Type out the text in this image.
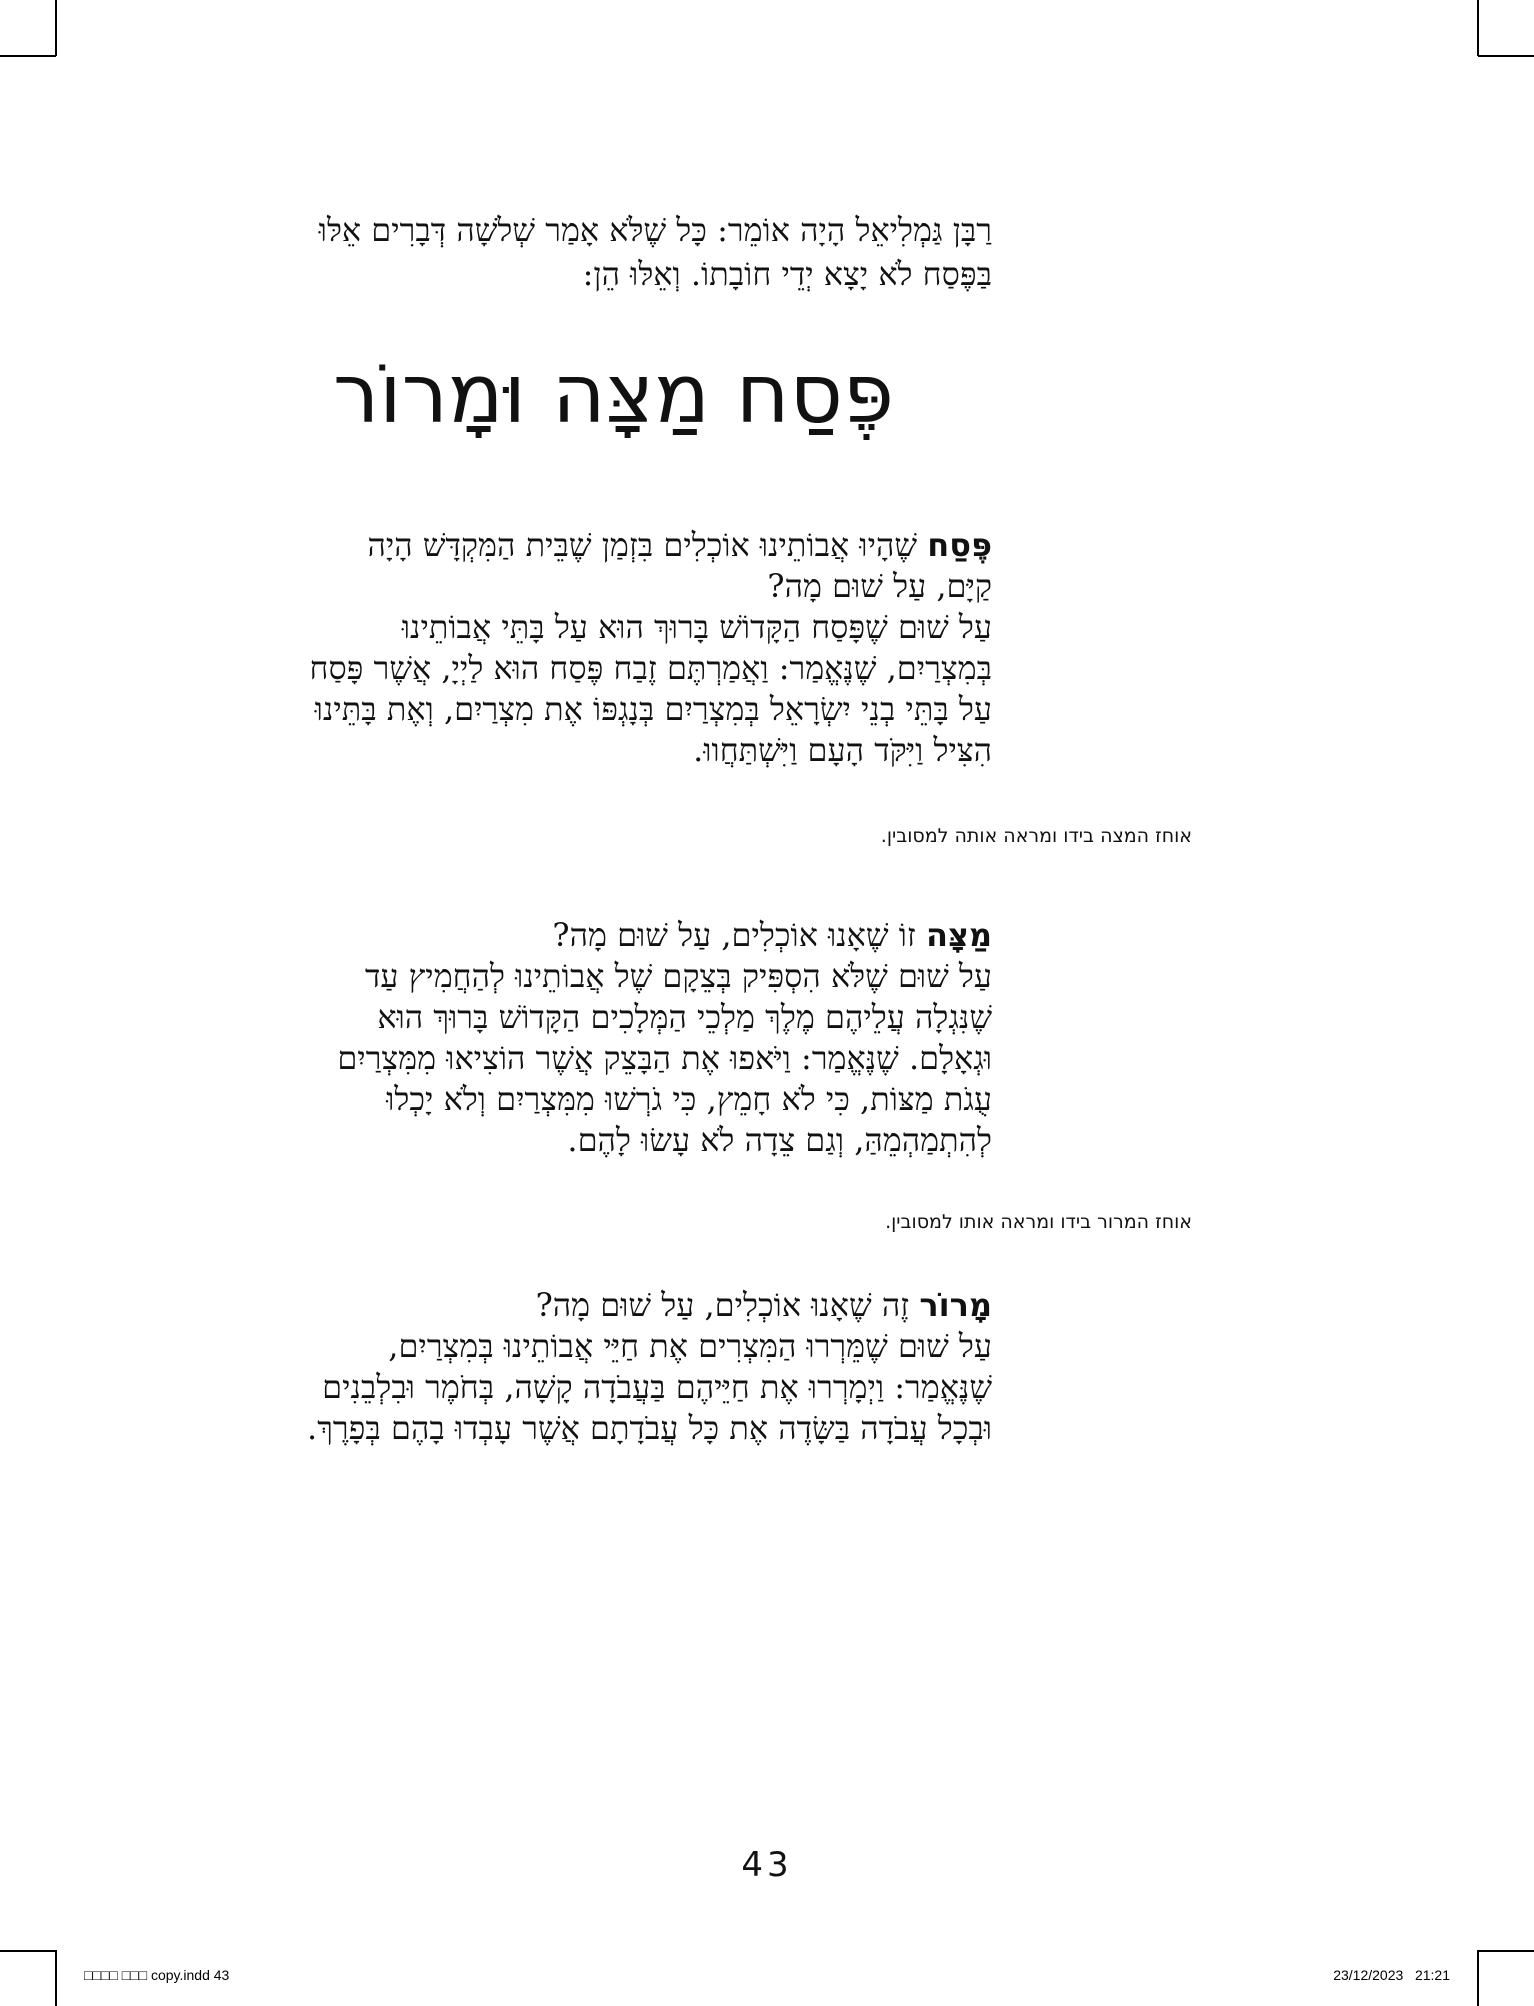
רַבָּן גַּמְלִיאֵל הָיָה אוֹמֵר: כָּל שֶׁלֹּא אָמַר שְׁלֹשָׁה דְּבָרִים אֵלּוּ
בַּפֶּסַח לֹא יָצָא יְדֵי חוֹבָתוֹ. וְאֵלּוּ הֵן:
פֶּסַח מַצָּה וּמָרוֹר
פֶּסַח שֶׁהָיוּ אֲבוֹתֵינוּ אוֹכְלִים בִּזְמַן שֶׁבֵּית הַמִּקְדָּשׁ הָיָה
קַיָּם, עַל שׁוּם מָה?
עַל שׁוּם שֶׁפָּסַח הַקָּדוֹשׁ בָּרוּךְ הוּא עַל בָּתֵּי אֲבוֹתֵינוּ
בְּמִצְרַיִם, שֶׁנֶּאֱמַר: וַאֲמַרְתֶּם זֶבַח פֶּסַח הוּא לַיְיָ, אֲשֶׁר פָּסַח
עַל בָּתֵּי בְנֵי יִשְׂרָאֵל בְּמִצְרַיִם בְּנָגְפּוֹ אֶת מִצְרַיִם, וְאֶת בָּתֵּינוּ
הִצִּיל וַיִּקֹּד הָעָם וַיִּשְׁתַּחֲווּ.
אוחז המצה בידו ומראה אותה למסובין.
מַצָּה זוֹ שֶׁאָנוּ אוֹכְלִים, עַל שׁוּם מָה?
עַל שׁוּם שֶׁלֹּא הִסְפִּיק בְּצֵקָם שֶׁל אֲבוֹתֵינוּ לְהַחֲמִיץ עַד
שֶׁנִּגְלָה עֲלֵיהֶם מֶלֶךְ מַלְכֵי הַמְּלָכִים הַקָּדוֹשׁ בָּרוּךְ הוּא
וּגְאָלָם. שֶׁנֶּאֱמַר: וַיֹּאפוּ אֶת הַבָּצֵק אֲשֶׁר הוֹצִיאוּ מִמִּצְרַיִם
עֻגֹת מַצּוֹת, כִּי לֹא חָמֵץ, כִּי גֹרְשׁוּ מִמִּצְרַיִם וְלֹא יָכְלוּ
לְהִתְמַהְמֵהַּ, וְגַם צֵדָה לֹא עָשׂוּ לָהֶם.
אוחז המרור בידו ומראה אותו למסובין.
מָרוֹר זֶה שֶׁאָנוּ אוֹכְלִים, עַל שׁוּם מָה?
עַל שׁוּם שֶׁמֵּרְרוּ הַמִּצְרִים אֶת חַיֵּי אֲבוֹתֵינוּ בְּמִצְרַיִם,
שֶׁנֶּאֱמַר: וַיְמָרְרוּ אֶת חַיֵּיהֶם בַּעֲבֹדָה קָשָׁה, בְּחֹמֶר וּבִלְבֵנִים
וּבְכָל עֲבֹדָה בַּשָּׂדֶה אֶת כָּל עֲבֹדָתָם אֲשֶׁר עָבְדוּ בָהֶם בְּפָרֶךְ.
43
□□□□ □□□ copy.indd 43	23/12/2023 21:21
